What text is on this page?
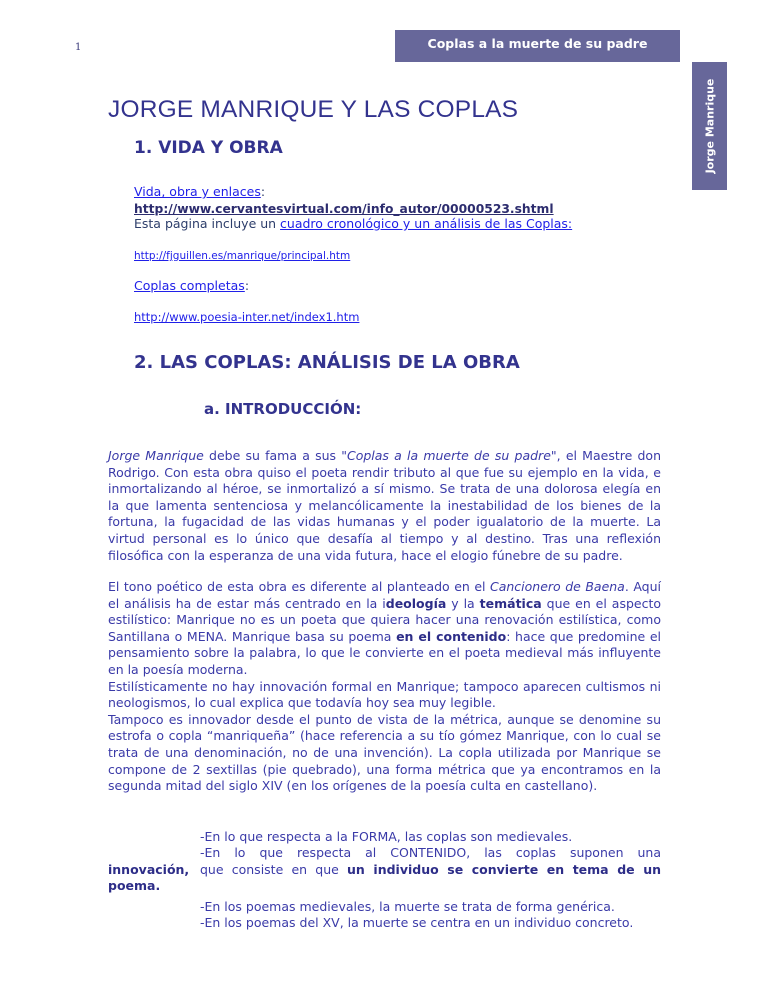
1	Coplas a la muerte de su padre
Jorge Manrique
JORGE MANRIQUE Y LAS COPLAS
1. VIDA Y OBRA
Vida, obra y enlaces:
http://www.cervantesvirtual.com/info_autor/00000523.shtml
Esta página incluye un cuadro cronológico y un análisis de las Coplas:
http://fjguillen.es/manrique/principal.htm
Coplas completas:
http://www.poesia-inter.net/index1.htm
2. LAS COPLAS: ANÁLISIS DE LA OBRA
a. INTRODUCCIÓN:
Jorge Manrique debe su fama a sus "Coplas a la muerte de su padre", el Maestre don Rodrigo. Con esta obra quiso el poeta rendir tributo al que fue su ejemplo en la vida, e inmortalizando al héroe, se inmortalizó a sí mismo. Se trata de una dolorosa elegía en la que lamenta sentenciosa y melancólicamente la inestabilidad de los bienes de la fortuna, la fugacidad de las vidas humanas y el poder igualatorio de la muerte. La virtud personal es lo único que desafía al tiempo y al destino. Tras una reflexión filosófica con la esperanza de una vida futura, hace el elogio fúnebre de su padre.
El tono poético de esta obra es diferente al planteado en el Cancionero de Baena. Aquí el análisis ha de estar más centrado en la ideología y la temática que en el aspecto estilístico: Manrique no es un poeta que quiera hacer una renovación estilística, como Santillana o MENA. Manrique basa su poema en el contenido: hace que predomine el pensamiento sobre la palabra, lo que le convierte en el poeta medieval más influyente en la poesía moderna.
Estilísticamente no hay innovación formal en Manrique; tampoco aparecen cultismos ni neologismos, lo cual explica que todavía hoy sea muy legible.
Tampoco es innovador desde el punto de vista de la métrica, aunque se denomine su estrofa o copla “manriqueña” (hace referencia a su tío gómez Manrique, con lo cual se trata de una denominación, no de una invención). La copla utilizada por Manrique se compone de 2 sextillas (pie quebrado), una forma métrica que ya encontramos en la segunda mitad del siglo XIV (en los orígenes de la poesía culta en castellano).
-En lo que respecta a la FORMA, las coplas son medievales.
-En lo que respecta al CONTENIDO, las coplas suponen una
innovación, que consiste en que un individuo se convierte en tema de un
poema.
-En los poemas medievales, la muerte se trata de forma genérica.
-En los poemas del XV, la muerte se centra en un individuo concreto.
